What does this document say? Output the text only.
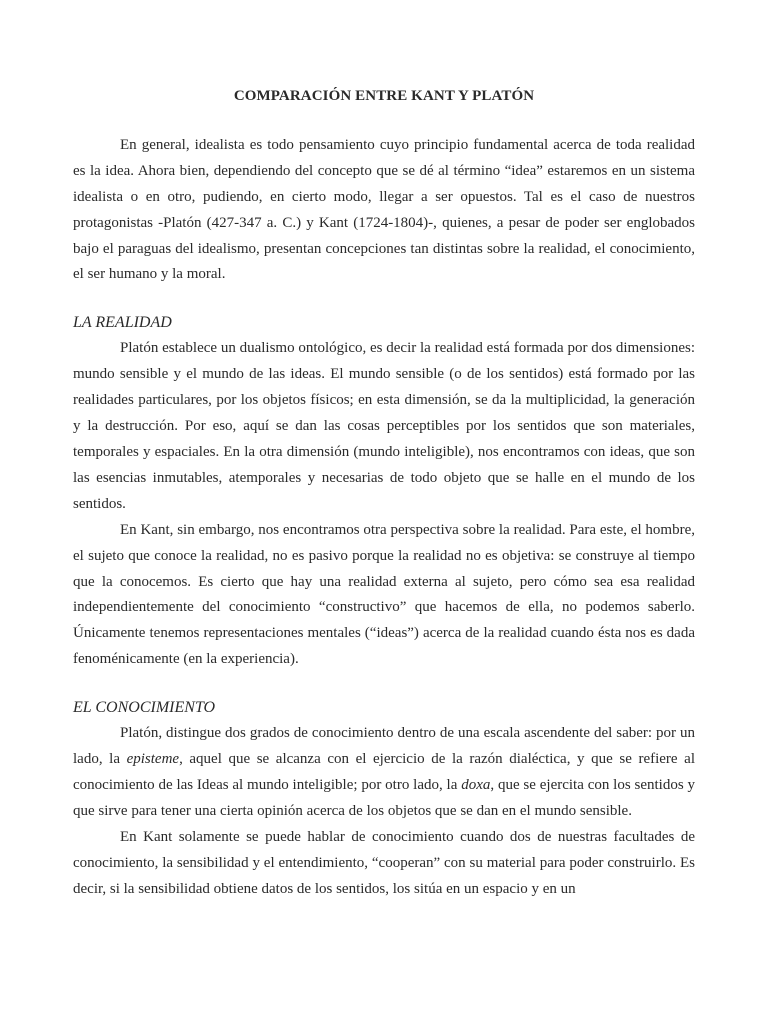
COMPARACIÓN ENTRE KANT Y PLATÓN

En general, idealista es todo pensamiento cuyo principio fundamental acerca de toda realidad es la idea. Ahora bien, dependiendo del concepto que se dé al término “idea” estaremos en un sistema idealista o en otro, pudiendo, en cierto modo, llegar a ser opuestos. Tal es el caso de nuestros protagonistas -Platón (427-347 a. C.) y Kant (1724-1804)-, quienes, a pesar de poder ser englobados bajo el paraguas del idealismo, presentan concepciones tan distintas sobre la realidad, el conocimiento, el ser humano y la moral.

LA REALIDAD

Platón establece un dualismo ontológico, es decir la realidad está formada por dos dimensiones: mundo sensible y el mundo de las ideas. El mundo sensible (o de los sentidos) está formado por las realidades particulares, por los objetos físicos; en esta dimensión, se da la multiplicidad, la generación y la destrucción. Por eso, aquí se dan las cosas perceptibles por los sentidos que son materiales, temporales y espaciales. En la otra dimensión (mundo inteligible), nos encontramos con ideas, que son las esencias inmutables, atemporales y necesarias de todo objeto que se halle en el mundo de los sentidos.

En Kant, sin embargo, nos encontramos otra perspectiva sobre la realidad. Para este, el hombre, el sujeto que conoce la realidad, no es pasivo porque la realidad no es objetiva: se construye al tiempo que la conocemos. Es cierto que hay una realidad externa al sujeto, pero cómo sea esa realidad independientemente del conocimiento “constructivo” que hacemos de ella, no podemos saberlo. Únicamente tenemos representaciones mentales (“ideas”) acerca de la realidad cuando ésta nos es dada fenoménicamente (en la experiencia).

EL CONOCIMIENTO

Platón, distingue dos grados de conocimiento dentro de una escala ascendente del saber: por un lado, la episteme, aquel que se alcanza con el ejercicio de la razón dialéctica, y que se refiere al conocimiento de las Ideas al mundo inteligible; por otro lado, la doxa, que se ejercita con los sentidos y que sirve para tener una cierta opinión acerca de los objetos que se dan en el mundo sensible.

En Kant solamente se puede hablar de conocimiento cuando dos de nuestras facultades de conocimiento, la sensibilidad y el entendimiento, “cooperan” con su material para poder construirlo. Es decir, si la sensibilidad obtiene datos de los sentidos, los sitúa en un espacio y en un
